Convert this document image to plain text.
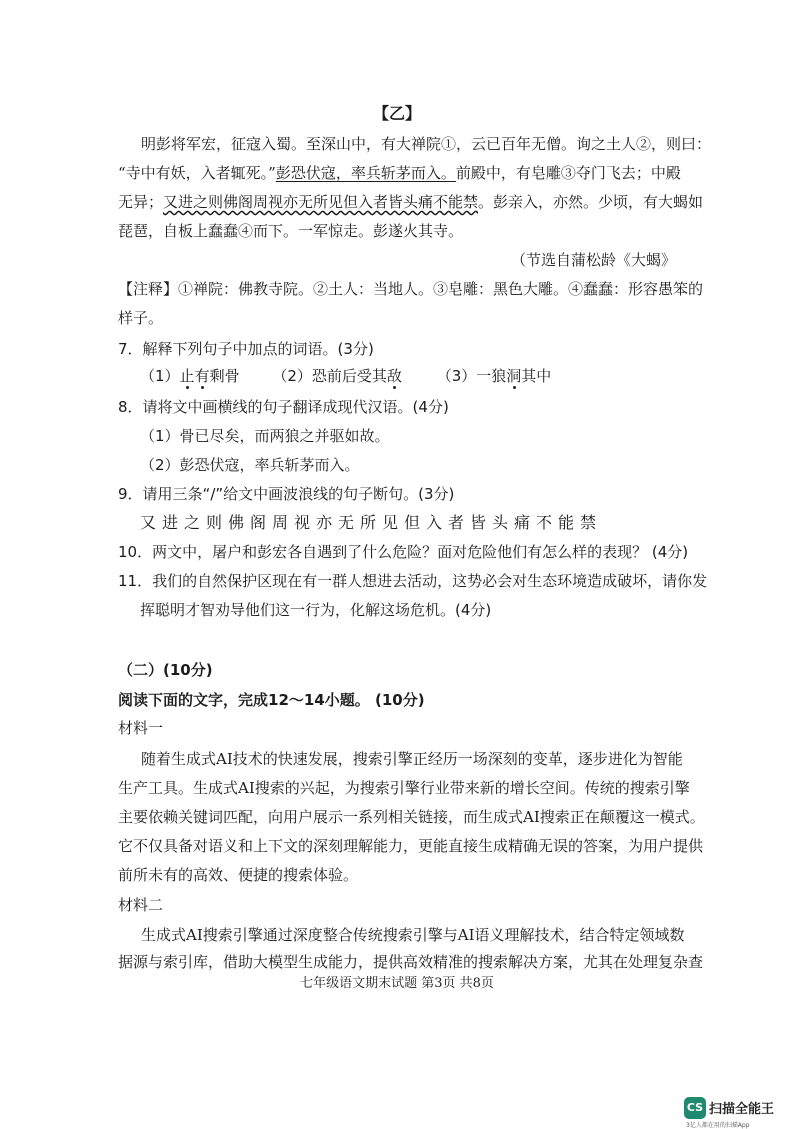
【乙】
明彭将军宏，征寇入蜀。至深山中，有大禅院①，云已百年无僧。询之土人②，则曰：
“寺中有妖，入者辄死。”彭恐伏寇，率兵斩茅而入。前殿中，有皂雕③夺门飞去；中殿
无异；又进之则佛阁周视亦无所见但入者皆头痛不能禁。彭亲入，亦然。少顷，有大蝎如
琵琶，自板上蠢蠢④而下。一军惊走。彭遂火其寺。
（节选自蒲松龄《大蝎》
【注释】①禅院：佛教寺院。②土人：当地人。③皂雕：黑色大雕。④蠢蠢：形容愚笨的
样子。
7．解释下列句子中加点的词语。(3分)
（1）止有剩骨 （2）恐前后受其敌 （3）一狼洞其中
8．请将文中画横线的句子翻译成现代汉语。(4分)
（1）骨已尽矣，而两狼之并驱如故。
（2）彭恐伏寇，率兵斩茅而入。
9．请用三条“/”给文中画波浪线的句子断句。(3分)
又进之则佛阁周视亦无所见但入者皆头痛不能禁
10．两文中，屠户和彭宏各自遇到了什么危险？面对危险他们有怎么样的表现？ (4分)
11．我们的自然保护区现在有一群人想进去活动，这势必会对生态环境造成破坏，请你发
挥聪明才智劝导他们这一行为，化解这场危机。(4分)
（二）(10分)
阅读下面的文字，完成12～14小题。 (10分)
材料一
随着生成式AI技术的快速发展，搜索引擎正经历一场深刻的变革，逐步进化为智能
生产工具。生成式AI搜索的兴起，为搜索引擎行业带来新的增长空间。传统的搜索引擎
主要依赖关键词匹配，向用户展示一系列相关链接，而生成式AI搜索正在颠覆这一模式。
它不仅具备对语义和上下文的深刻理解能力，更能直接生成精确无误的答案，为用户提供
前所未有的高效、便捷的搜索体验。
材料二
生成式AI搜索引擎通过深度整合传统搜索引擎与AI语义理解技术，结合特定领域数
据源与索引库，借助大模型生成能力，提供高效精准的搜索解决方案，尤其在处理复杂查
七年级语文期末试题 第3页 共8页
CS 扫描全能王
3亿人都在用的扫描App
